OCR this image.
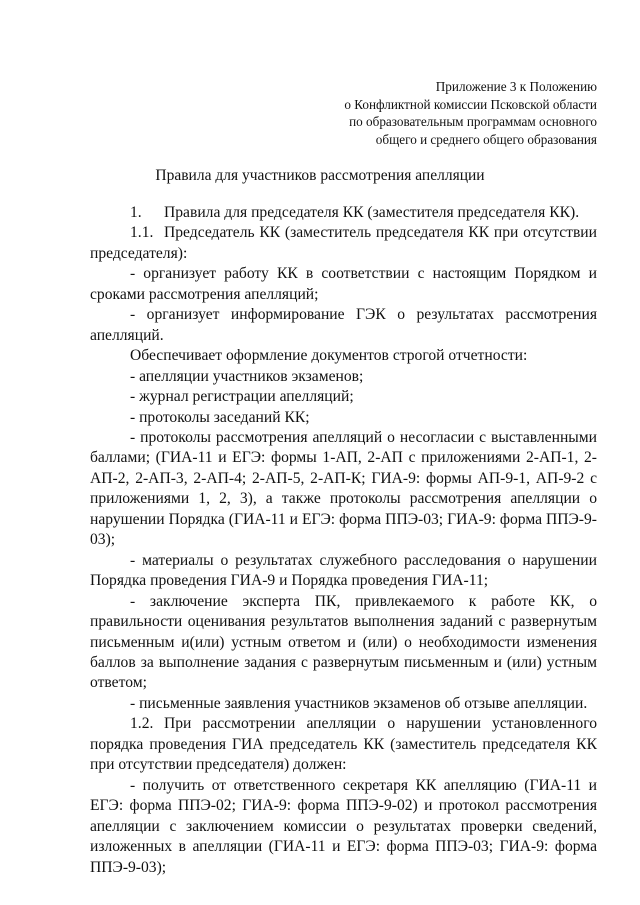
Приложение 3 к Положению
о Конфликтной комиссии Псковской области
по образовательным программам основного
общего и среднего общего образования
Правила для участников рассмотрения апелляции

1. Правила для председателя КК (заместителя председателя КК).

1.1. Председатель КК (заместитель председателя КК при отсутствии председателя):

- организует работу КК в соответствии с настоящим Порядком и сроками рассмотрения апелляций;

- организует информирование ГЭК о результатах рассмотрения апелляций.

Обеспечивает оформление документов строгой отчетности:

- апелляции участников экзаменов;

- журнал регистрации апелляций;

- протоколы заседаний КК;

- протоколы рассмотрения апелляций о несогласии с выставленными баллами; (ГИА-11 и ЕГЭ: формы 1-АП, 2-АП с приложениями 2-АП-1, 2-АП-2, 2-АП-3, 2-АП-4; 2-АП-5, 2-АП-К; ГИА-9: формы АП-9-1, АП-9-2 с приложениями 1, 2, 3), а также протоколы рассмотрения апелляции о нарушении Порядка (ГИА-11 и ЕГЭ: форма ППЭ-03; ГИА-9: форма ППЭ-9-03);

- материалы о результатах служебного расследования о нарушении Порядка проведения ГИА-9 и Порядка проведения ГИА-11;

- заключение эксперта ПК, привлекаемого к работе КК, о правильности оценивания результатов выполнения заданий с развернутым письменным и(или) устным ответом и (или) о необходимости изменения баллов за выполнение задания с развернутым письменным и (или) устным ответом;

- письменные заявления участников экзаменов об отзыве апелляции.

1.2. При рассмотрении апелляции о нарушении установленного порядка проведения ГИА председатель КК (заместитель председателя КК при отсутствии председателя) должен:

- получить от ответственного секретаря КК апелляцию (ГИА-11 и ЕГЭ: форма ППЭ-02; ГИА-9: форма ППЭ-9-02) и протокол рассмотрения апелляции с заключением комиссии о результатах проверки сведений, изложенных в апелляции (ГИА-11 и ЕГЭ: форма ППЭ-03; ГИА-9: форма ППЭ-9-03);
